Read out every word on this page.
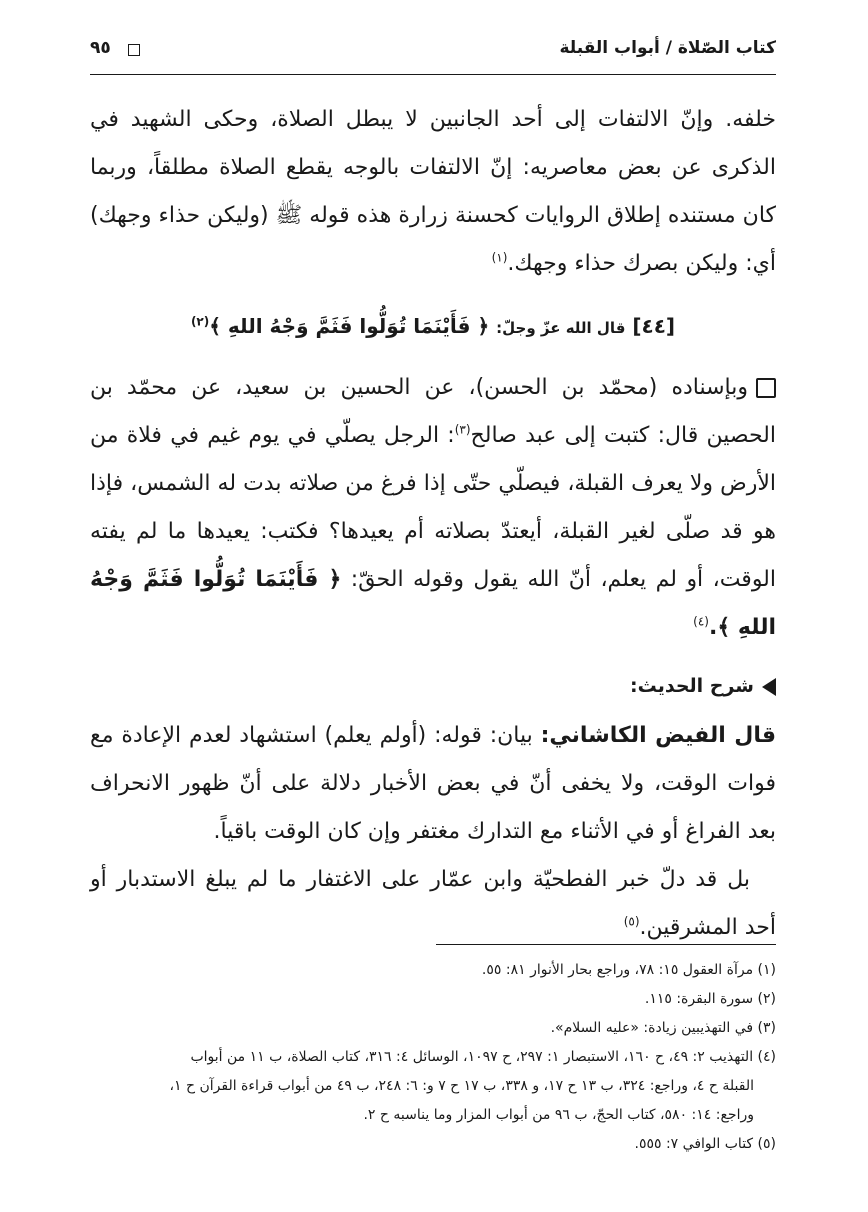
كتاب الصّلاة / أبواب القبلة
٩٥

خلفه. وإنّ الالتفات إلى أحد الجانبين لا يبطل الصلاة، وحكى الشهيد في الذكرى عن بعض معاصريه: إنّ الالتفات بالوجه يقطع الصلاة مطلقاً، وربما كان مستنده إطلاق الروايات كحسنة زرارة هذه قوله ﷺ (وليكن حذاء وجهك) أي: وليكن بصرك حذاء وجهك.$^{(١)}$

[٤٤] قال الله عزّ وجلّ: ﴿ فَأَيْنَمَا تُوَلُّوا فَثَمَّ وَجْهُ اللهِ ﴾$^{(٢)}$

وبإسناده (محمّد بن الحسن)، عن الحسين بن سعيد، عن محمّد بن الحصين قال: كتبت إلى عبد صالح$^{(٣)}$: الرجل يصلّي في يوم غيم في فلاة من الأرض ولا يعرف القبلة، فيصلّي حتّى إذا فرغ من صلاته بدت له الشمس، فإذا هو قد صلّى لغير القبلة، أيعتدّ بصلاته أم يعيدها؟ فكتب: يعيدها ما لم يفته الوقت، أو لم يعلم، أنّ الله يقول وقوله الحقّ: ﴿ فَأَيْنَمَا تُوَلُّوا فَثَمَّ وَجْهُ اللهِ ﴾.$^{(٤)}$

شرح الحديث:

قال الفيض الكاشاني: بيان: قوله: (أولم يعلم) استشهاد لعدم الإعادة مع فوات الوقت، ولا يخفى أنّ في بعض الأخبار دلالة على أنّ ظهور الانحراف بعد الفراغ أو في الأثناء مع التدارك مغتفر وإن كان الوقت باقياً.

بل قد دلّ خبر الفطحيّة وابن عمّار على الاغتفار ما لم يبلغ الاستدبار أو أحد المشرقين.$^{(٥)}$

(١) مرآة العقول ١٥: ٧٨، وراجع بحار الأنوار ٨١: ٥٥.

(٢) سورة البقرة: ١١٥.

(٣) في التهذيبين زيادة: «عليه السلام».

(٤) التهذيب ٢: ٤٩، ح ١٦٠، الاستبصار ١: ٢٩٧، ح ١٠٩٧، الوسائل ٤: ٣١٦، كتاب الصلاة، ب ١١ من أبواب

القبلة ح ٤، وراجع: ٣٢٤، ب ١٣ ح ١٧، و ٣٣٨، ب ١٧ ح ٧ و: ٦: ٢٤٨، ب ٤٩ من أبواب قراءة القرآن ح ١،

وراجع: ١٤: ٥٨٠، كتاب الحجّ، ب ٩٦ من أبواب المزار وما يناسبه ح ٢.

(٥) كتاب الوافي ٧: ٥٥٥.
